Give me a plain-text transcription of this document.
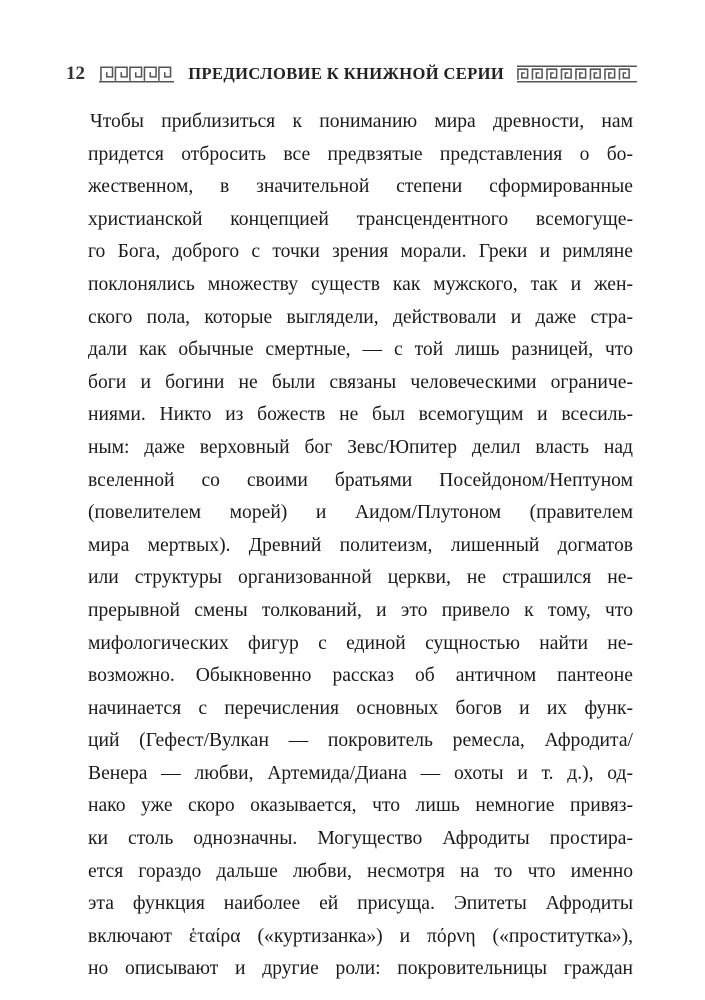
12	ПРЕДИСЛОВИЕ К КНИЖНОЙ СЕРИИ
Чтобы приблизиться к пониманию мира древности, нам
придется отбросить все предвзятые представления о бо-
жественном, в значительной степени сформированные
христианской концепцией трансцендентного всемогуще-
го Бога, доброго с точки зрения морали. Греки и римляне
поклонялись множеству существ как мужского, так и жен-
ского пола, которые выглядели, действовали и даже стра-
дали как обычные смертные, — с той лишь разницей, что
боги и богини не были связаны человеческими ограниче-
ниями. Никто из божеств не был всемогущим и всесиль-
ным: даже верховный бог Зевс/Юпитер делил власть над
вселенной со своими братьями Посейдоном/Нептуном
(повелителем морей) и Аидом/Плутоном (правителем
мира мертвых). Древний политеизм, лишенный догматов
или структуры организованной церкви, не страшился не-
прерывной смены толкований, и это привело к тому, что
мифологических фигур с единой сущностью найти не-
возможно. Обыкновенно рассказ об античном пантеоне
начинается с перечисления основных богов и их функ-
ций (Гефест/Вулкан — покровитель ремесла, Афродита/
Венера — любви, Артемида/Диана — охоты и т. д.), од-
нако уже скоро оказывается, что лишь немногие привяз-
ки столь однозначны. Могущество Афродиты простира-
ется гораздо дальше любви, несмотря на то что именно
эта функция наиболее ей присуща. Эпитеты Афродиты
включают ἑταίρα («куртизанка») и πόρνη («проститутка»),
но описывают и другие роли: покровительницы граждан
